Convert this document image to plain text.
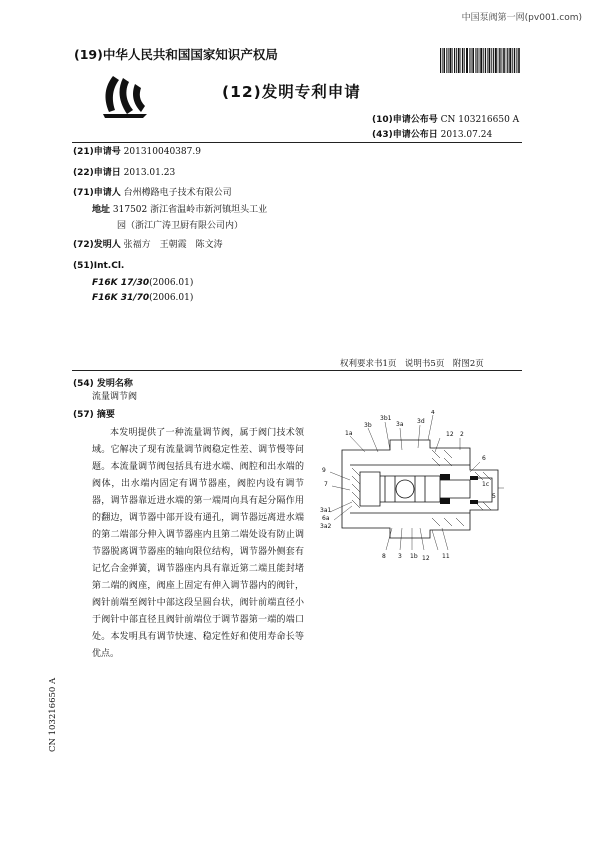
中国泵阀第一网(pv001.com)
(19)中华人民共和国国家知识产权局
(12)发明专利申请
(10)申请公布号 CN 103216650 A
(43)申请公布日 2013.07.24
(21)申请号 201310040387.9
(22)申请日 2013.01.23
(71)申请人 台州樽路电子技术有限公司
地址 317502 浙江省温岭市新河镇坦头工业
园（浙江广涛卫厨有限公司内）
(72)发明人 张福方　王朝霞　陈文涛
(51)Int.Cl.
F16K 17/30(2006.01)
F16K 31/70(2006.01)
权利要求书1页　说明书5页　附图2页
(54) 发明名称
流量调节阀
(57) 摘要

本发明提供了一种流量调节阀，属于阀门技术领域。它解决了现有流量调节阀稳定性差、调节慢等问题。本流量调节阀包括具有进水端、阀腔和出水端的阀体，出水端内固定有调节器座，阀腔内设有调节器，调节器靠近进水端的第一端周向具有起分隔作用的翻边，调节器中部开设有通孔，调节器远离进水端的第二端部分伸入调节器座内且第二端处设有防止调节器脱离调节器座的轴向限位结构，调节器外侧套有记忆合金弹簧，调节器座内具有靠近第二端且能封堵第二端的阀座，阀座上固定有伸入调节器内的阀针，阀针前端至阀针中部这段呈圆台状，阀针前端直径小于阀针中部直径且阀针前端位于调节器第一端的端口处。本发明具有调节快速、稳定性好和使用寿命长等优点。

1a
3b
3b1
3a 3d
4
12 2
1c
6
5
9
7
3a1
6a
3a2
8 3 1b 12 11
CN 103216650 A
